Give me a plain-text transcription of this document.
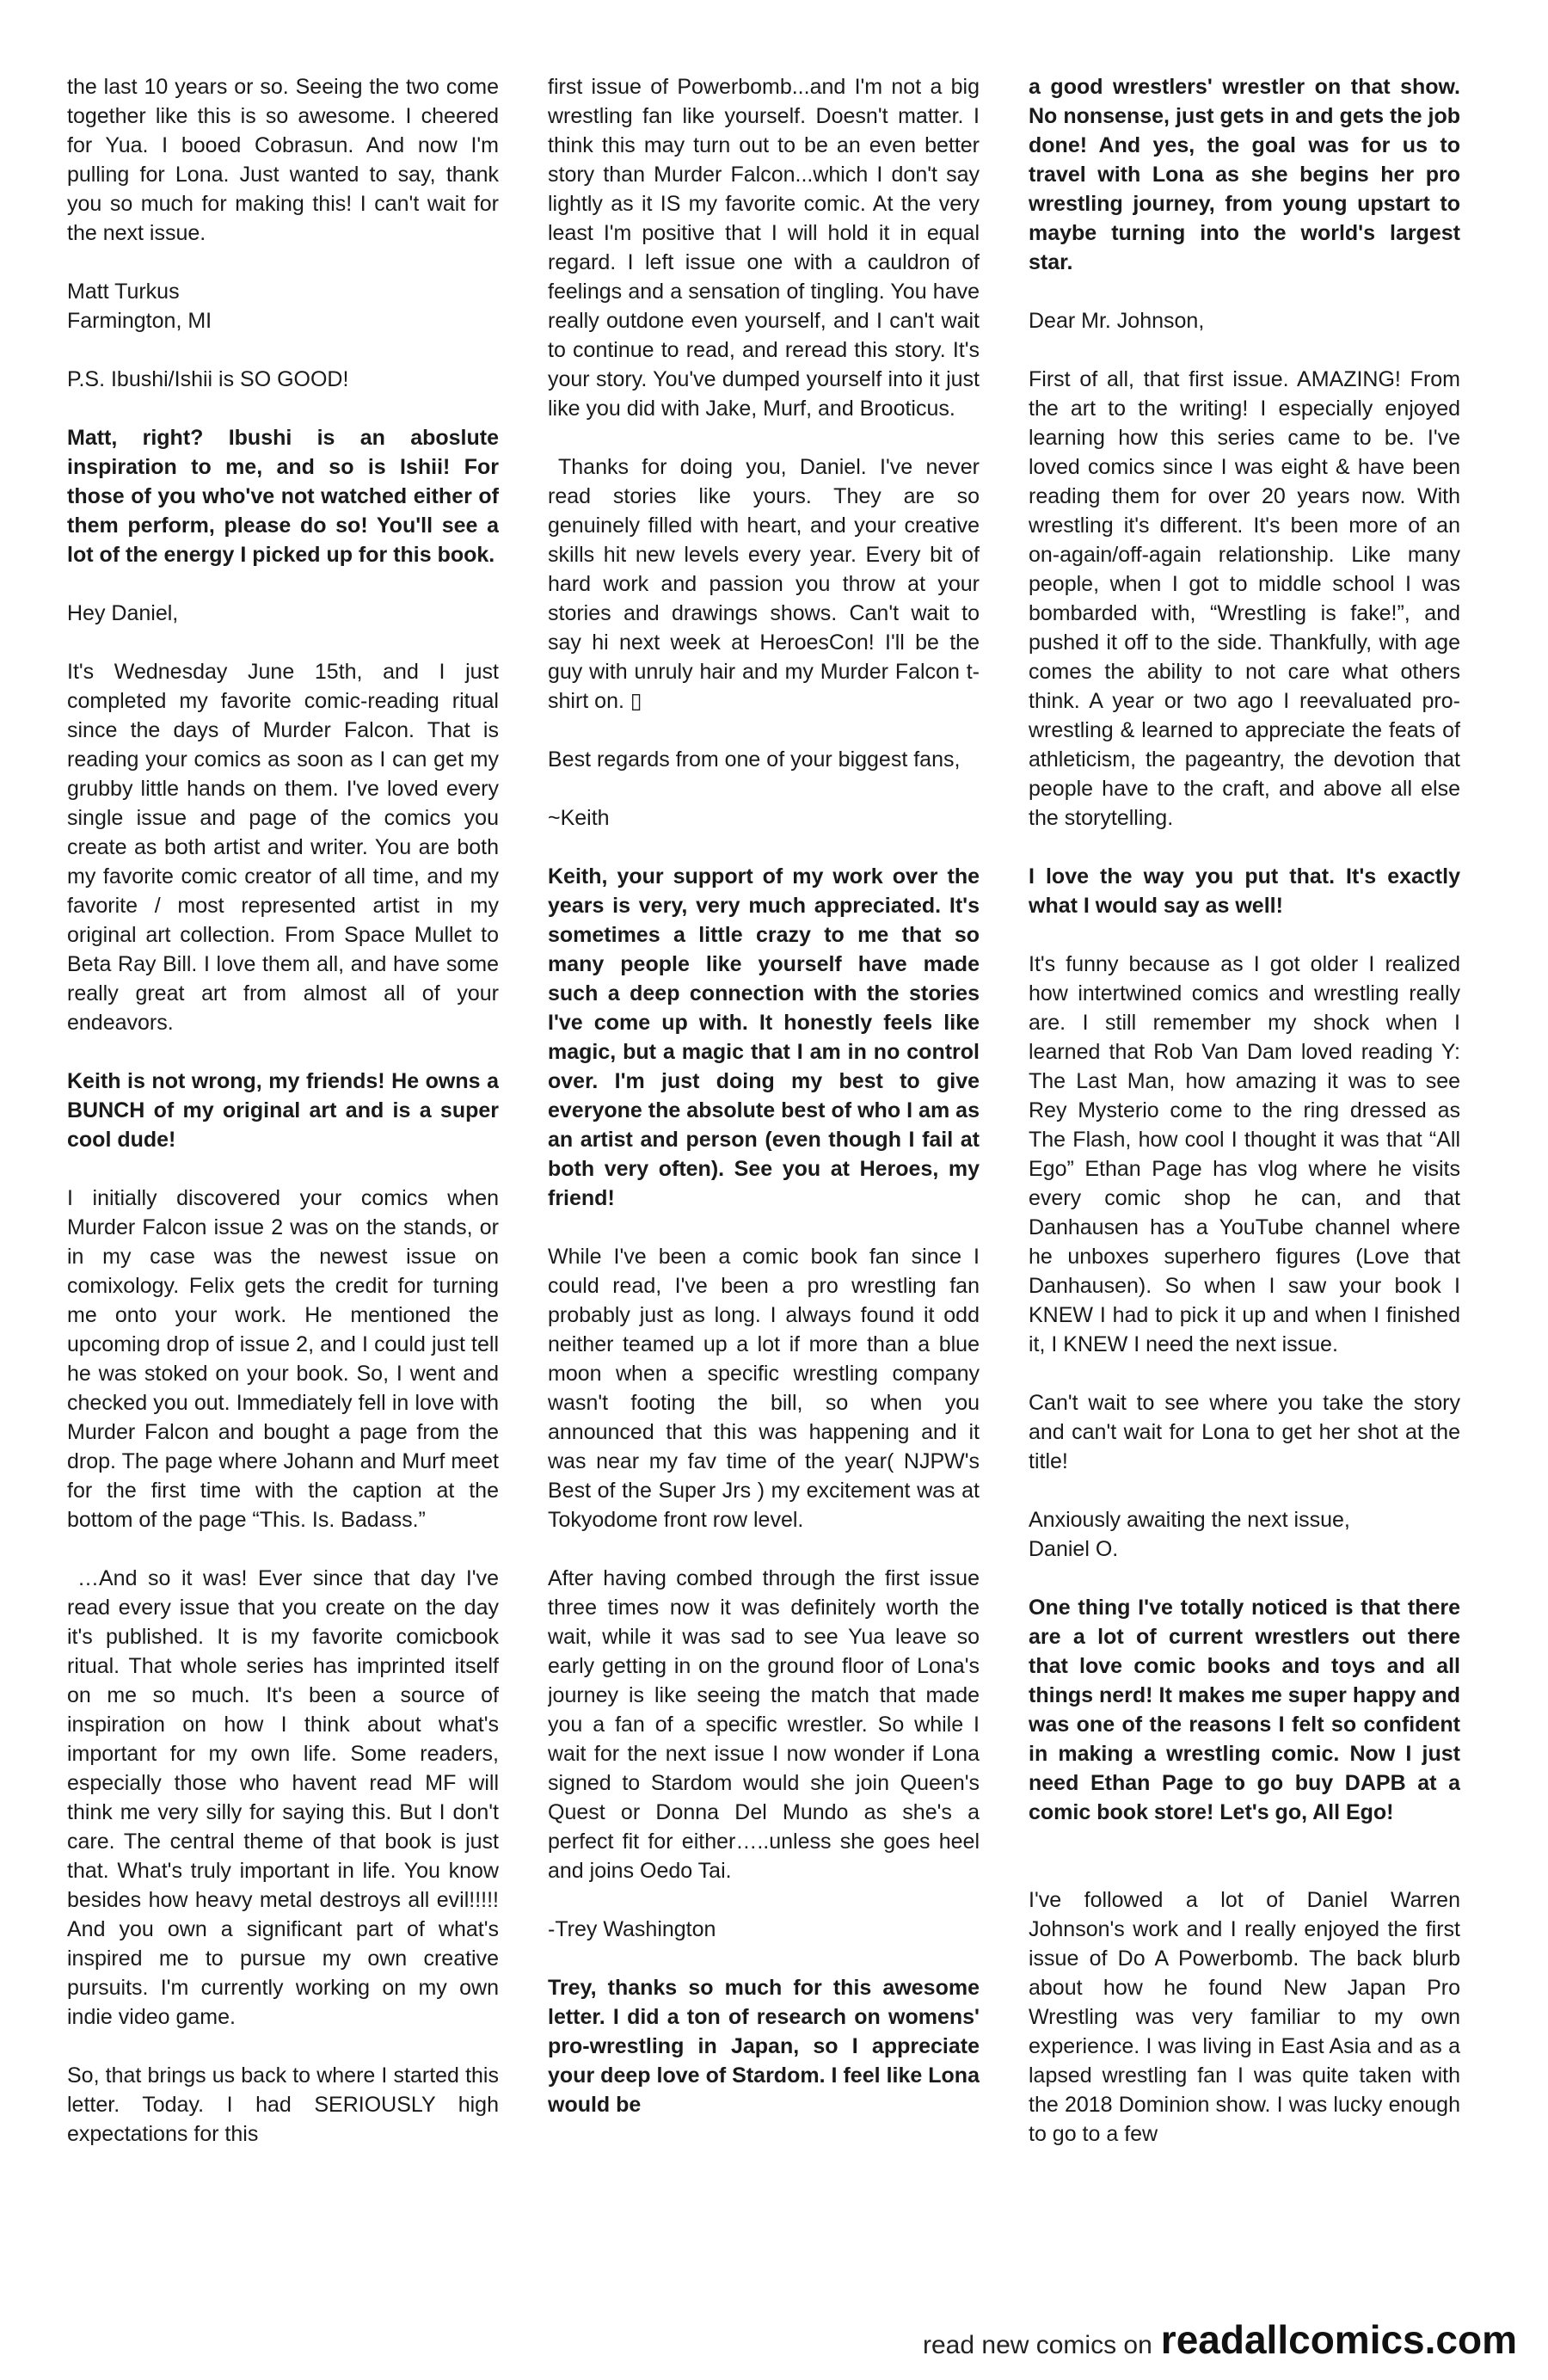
the last 10 years or so. Seeing the two come together like this is so awesome. I cheered for Yua. I booed Cobrasun. And now I'm pulling for Lona. Just wanted to say, thank you so much for making this! I can't wait for the next issue.

Matt Turkus

Farmington, MI

P.S. Ibushi/Ishii is SO GOOD!

Matt, right? Ibushi is an aboslute inspiration to me, and so is Ishii! For those of you who've not watched either of them perform, please do so! You'll see a lot of the energy I picked up for this book.

Hey Daniel,

It's Wednesday June 15th, and I just completed my favorite comic-reading ritual since the days of Murder Falcon. That is reading your comics as soon as I can get my grubby little hands on them. I've loved every single issue and page of the comics you create as both artist and writer. You are both my favorite comic creator of all time, and my favorite / most represented artist in my original art collection. From Space Mullet to Beta Ray Bill. I love them all, and have some really great art from almost all of your endeavors.

Keith is not wrong, my friends! He owns a BUNCH of my original art and is a super cool dude!

I initially discovered your comics when Murder Falcon issue 2 was on the stands, or in my case was the newest issue on comixology. Felix gets the credit for turning me onto your work. He mentioned the upcoming drop of issue 2, and I could just tell he was stoked on your book. So, I went and checked you out. Immediately fell in love with Murder Falcon and bought a page from the drop. The page where Johann and Murf meet for the first time with the caption at the bottom of the page “This. Is. Badass.”

…And so it was! Ever since that day I've read every issue that you create on the day it's published. It is my favorite comicbook ritual. That whole series has imprinted itself on me so much. It's been a source of inspiration on how I think about what's important for my own life. Some readers, especially those who havent read MF will think me very silly for saying this. But I don't care. The central theme of that book is just that. What's truly important in life. You know besides how heavy metal destroys all evil!!!!! And you own a significant part of what's inspired me to pursue my own creative pursuits. I'm currently working on my own indie video game.

So, that brings us back to where I started this letter. Today. I had SERIOUSLY high expectations for this

first issue of Powerbomb...and I'm not a big wrestling fan like yourself. Doesn't matter. I think this may turn out to be an even better story than Murder Falcon...which I don't say lightly as it IS my favorite comic. At the very least I'm positive that I will hold it in equal regard. I left issue one with a cauldron of feelings and a sensation of tingling. You have really outdone even yourself, and I can't wait to continue to read, and reread this story. It's your story. You've dumped yourself into it just like you did with Jake, Murf, and Brooticus.

Thanks for doing you, Daniel. I've never read stories like yours. They are so genuinely filled with heart, and your creative skills hit new levels every year. Every bit of hard work and passion you throw at your stories and drawings shows. Can't wait to say hi next week at HeroesCon! I'll be the guy with unruly hair and my Murder Falcon t-shirt on. ▯

Best regards from one of your biggest fans,

~Keith

Keith, your support of my work over the years is very, very much appreciated. It's sometimes a little crazy to me that so many people like yourself have made such a deep connection with the stories I've come up with. It honestly feels like magic, but a magic that I am in no control over. I'm just doing my best to give everyone the absolute best of who I am as an artist and person (even though I fail at both very often). See you at Heroes, my friend!

While I've been a comic book fan since I could read, I've been a pro wrestling fan probably just as long. I always found it odd neither teamed up a lot if more than a blue moon when a specific wrestling company wasn't footing the bill, so when you announced that this was happening and it was near my fav time of the year( NJPW's Best of the Super Jrs ) my excitement was at Tokyodome front row level.

After having combed through the first issue three times now it was definitely worth the wait, while it was sad to see Yua leave so early getting in on the ground floor of Lona's journey is like seeing the match that made you a fan of a specific wrestler. So while I wait for the next issue I now wonder if Lona signed to Stardom would she join Queen's Quest or Donna Del Mundo as she's a perfect fit for either…..unless she goes heel and joins Oedo Tai.

-Trey Washington

Trey, thanks so much for this awesome letter. I did a ton of research on womens' pro-wrestling in Japan, so I appreciate your deep love of Stardom. I feel like Lona would be

a good wrestlers' wrestler on that show. No nonsense, just gets in and gets the job done! And yes, the goal was for us to travel with Lona as she begins her pro wrestling journey, from young upstart to maybe turning into the world's largest star.

Dear Mr. Johnson,

First of all, that first issue. AMAZING! From the art to the writing! I especially enjoyed learning how this series came to be. I've loved comics since I was eight & have been reading them for over 20 years now. With wrestling it's different. It's been more of an on-again/off-again relationship. Like many people, when I got to middle school I was bombarded with, “Wrestling is fake!”, and pushed it off to the side. Thankfully, with age comes the ability to not care what others think. A year or two ago I reevaluated pro-wrestling & learned to appreciate the feats of athleticism, the pageantry, the devotion that people have to the craft, and above all else the storytelling.

I love the way you put that. It's exactly what I would say as well!

It's funny because as I got older I realized how intertwined comics and wrestling really are. I still remember my shock when I learned that Rob Van Dam loved reading Y: The Last Man, how amazing it was to see Rey Mysterio come to the ring dressed as The Flash, how cool I thought it was that “All Ego” Ethan Page has vlog where he visits every comic shop he can, and that Danhausen has a YouTube channel where he unboxes superhero figures (Love that Danhausen). So when I saw your book I KNEW I had to pick it up and when I finished it, I KNEW I need the next issue.

Can't wait to see where you take the story and can't wait for Lona to get her shot at the title!

Anxiously awaiting the next issue,

Daniel O.

One thing I've totally noticed is that there are a lot of current wrestlers out there that love comic books and toys and all things nerd! It makes me super happy and was one of the reasons I felt so confident in making a wrestling comic. Now I just need Ethan Page to go buy DAPB at a comic book store! Let's go, All Ego!

I've followed a lot of Daniel Warren Johnson's work and I really enjoyed the first issue of Do A Powerbomb. The back blurb about how he found New Japan Pro Wrestling was very familiar to my own experience. I was living in East Asia and as a lapsed wrestling fan I was quite taken with the 2018 Dominion show. I was lucky enough to go to a few

read new comics on readallcomics.com
